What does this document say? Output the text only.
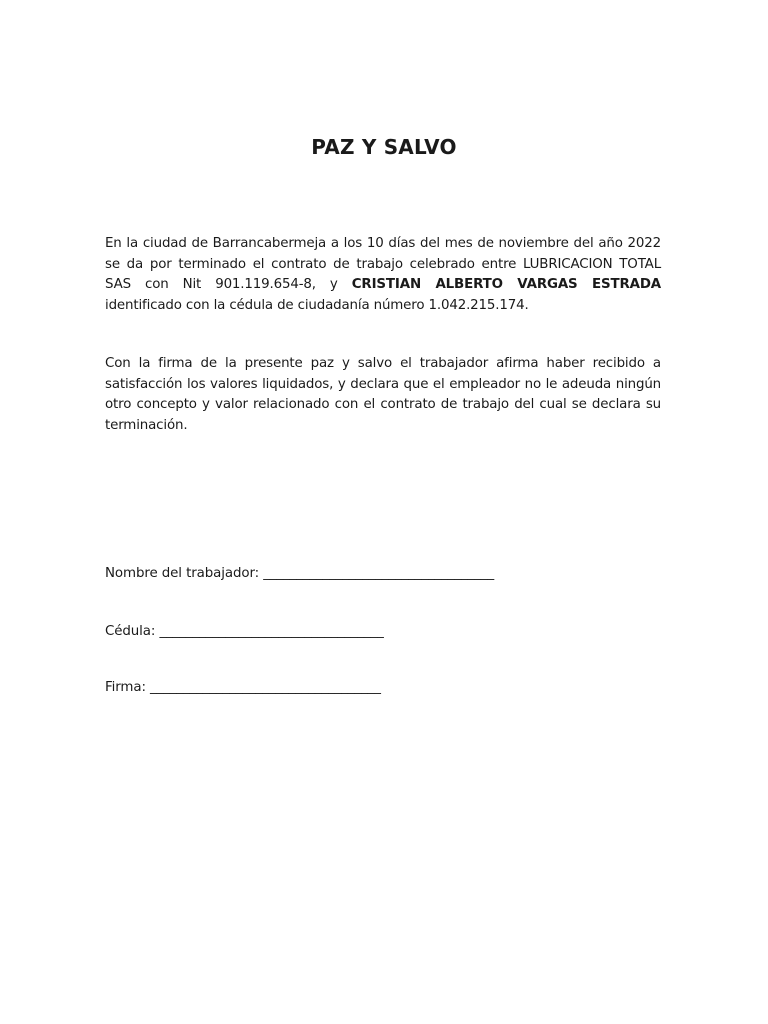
PAZ Y SALVO
En la ciudad de Barrancabermeja a los 10 días del mes de noviembre del año 2022 se da por terminado el contrato de trabajo celebrado entre LUBRICACION TOTAL SAS con Nit 901.119.654-8, y CRISTIAN ALBERTO VARGAS ESTRADA identificado con la cédula de ciudadanía número 1.042.215.174.
Con la firma de la presente paz y salvo el trabajador afirma haber recibido a satisfacción los valores liquidados, y declara que el empleador no le adeuda ningún otro concepto y valor relacionado con el contrato de trabajo del cual se declara su terminación.
Nombre del trabajador: ___________________________________
Cédula: __________________________________
Firma: ___________________________________
